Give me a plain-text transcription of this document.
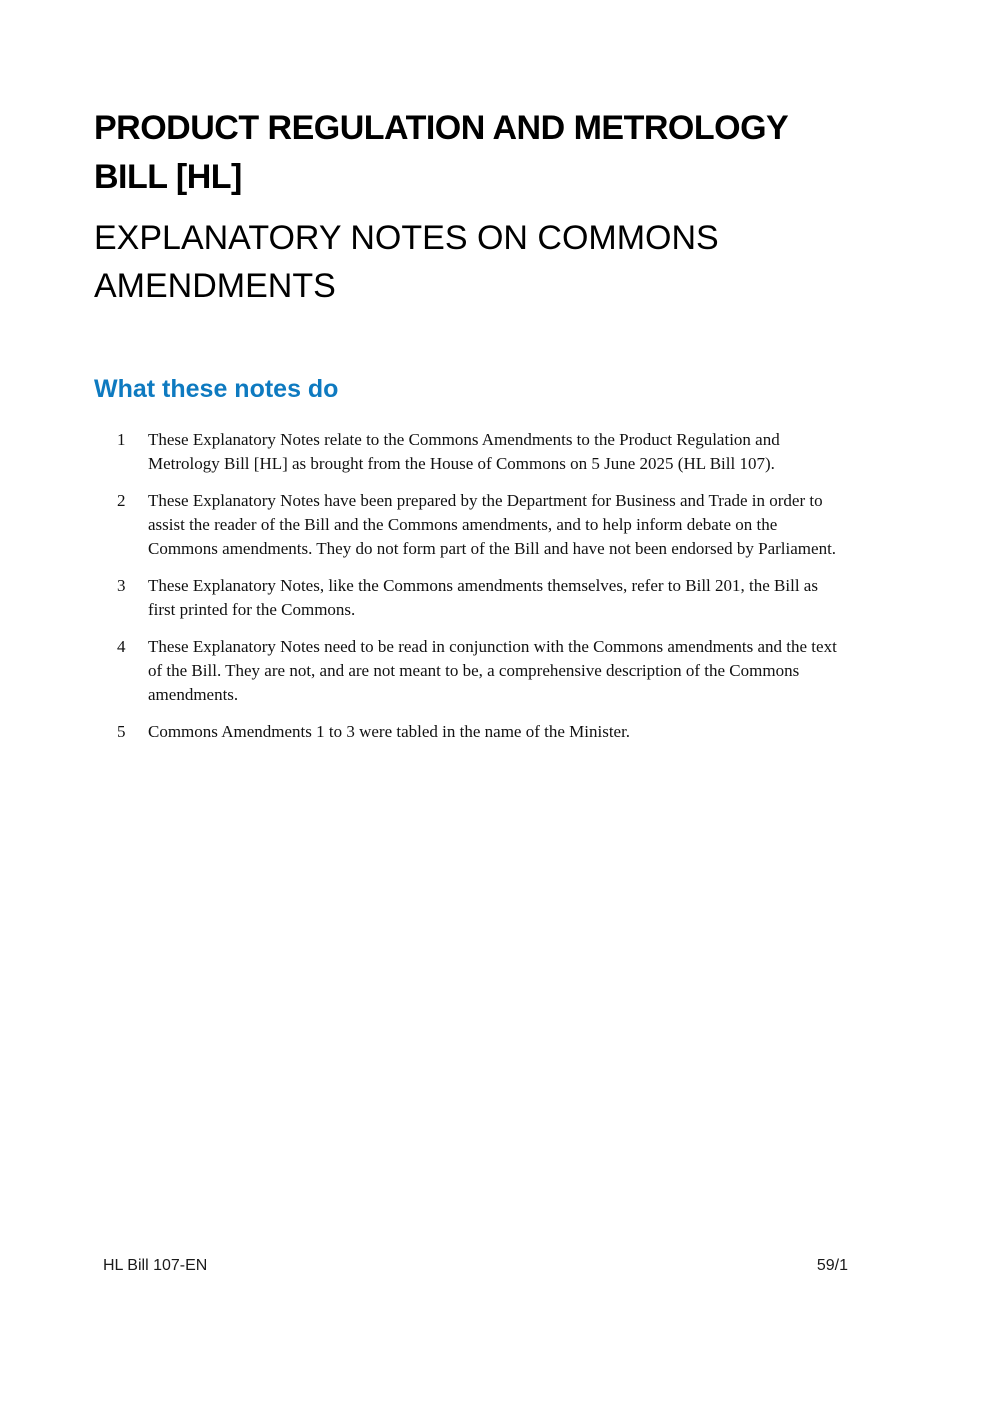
PRODUCT REGULATION AND METROLOGY BILL [HL]
EXPLANATORY NOTES ON COMMONS AMENDMENTS
What these notes do
1	These Explanatory Notes relate to the Commons Amendments to the Product Regulation and Metrology Bill [HL] as brought from the House of Commons on 5 June 2025 (HL Bill 107).
2	These Explanatory Notes have been prepared by the Department for Business and Trade in order to assist the reader of the Bill and the Commons amendments, and to help inform debate on the Commons amendments. They do not form part of the Bill and have not been endorsed by Parliament.
3	These Explanatory Notes, like the Commons amendments themselves, refer to Bill 201, the Bill as first printed for the Commons.
4	These Explanatory Notes need to be read in conjunction with the Commons amendments and the text of the Bill. They are not, and are not meant to be, a comprehensive description of the Commons amendments.
5	Commons Amendments 1 to 3 were tabled in the name of the Minister.
HL Bill 107-EN	59/1
